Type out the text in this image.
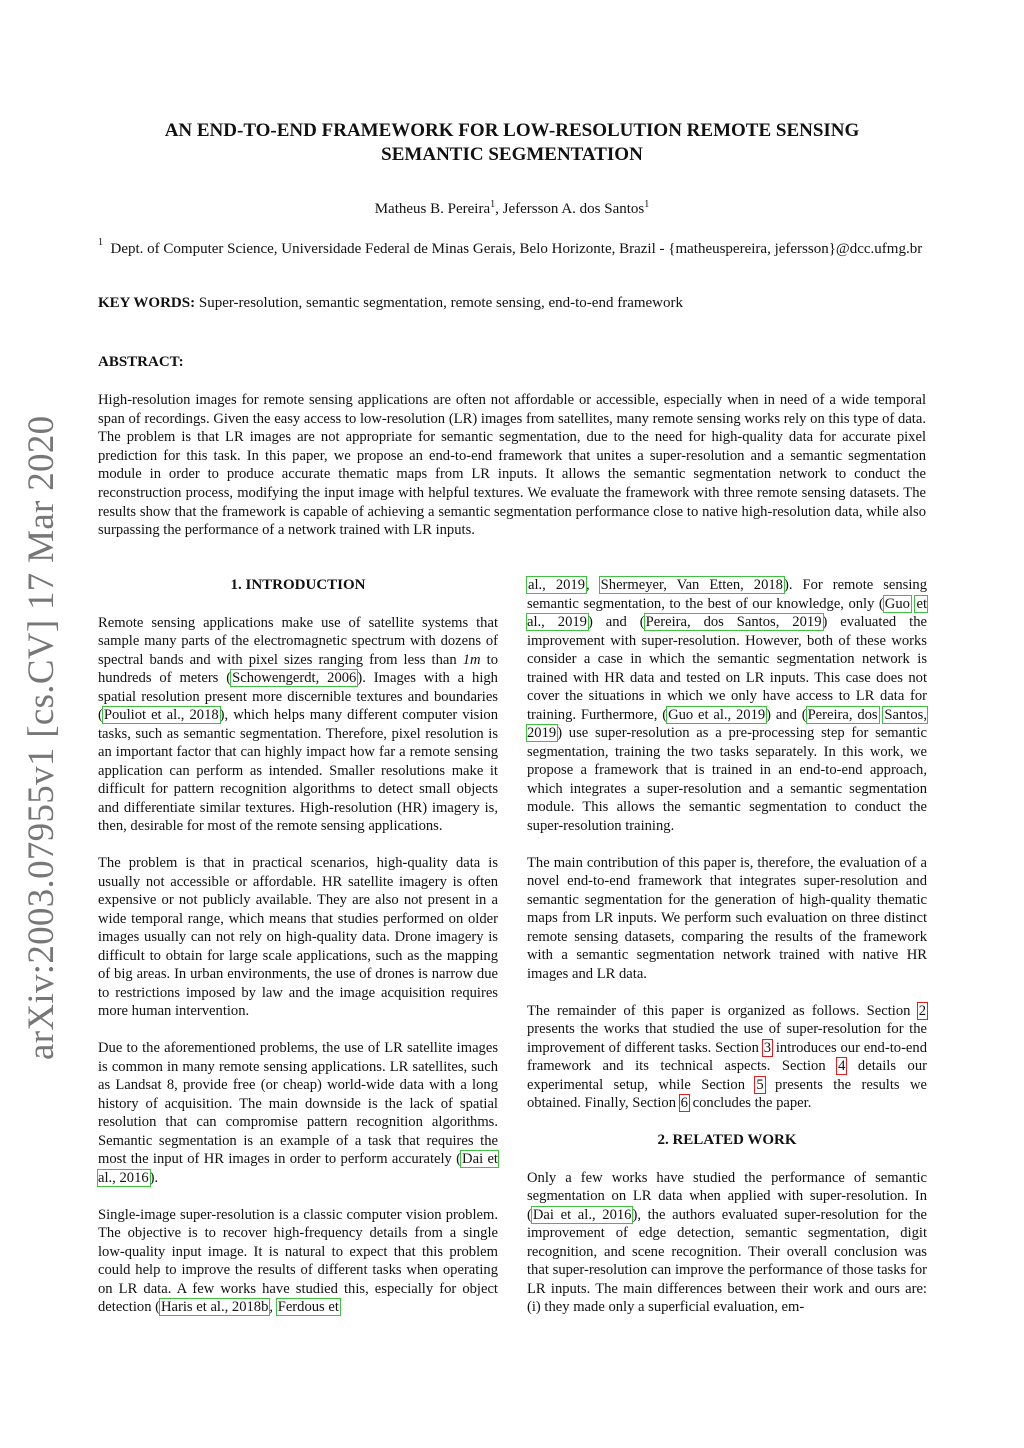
arXiv:2003.07955v1 [cs.CV] 17 Mar 2020
AN END-TO-END FRAMEWORK FOR LOW-RESOLUTION REMOTE SENSING
SEMANTIC SEGMENTATION
Matheus B. Pereira$^1$, Jefersson A. dos Santos$^1$
$^1$ Dept. of Computer Science, Universidade Federal de Minas Gerais, Belo Horizonte, Brazil - {matheuspereira, jefersson}@dcc.ufmg.br
KEY WORDS: Super-resolution, semantic segmentation, remote sensing, end-to-end framework
ABSTRACT:
High-resolution images for remote sensing applications are often not affordable or accessible, especially when in need of a wide temporal span of recordings. Given the easy access to low-resolution (LR) images from satellites, many remote sensing works rely on this type of data. The problem is that LR images are not appropriate for semantic segmentation, due to the need for high-quality data for accurate pixel prediction for this task. In this paper, we propose an end-to-end framework that unites a super-resolution and a semantic segmentation module in order to produce accurate thematic maps from LR inputs. It allows the semantic segmentation network to conduct the reconstruction process, modifying the input image with helpful textures. We evaluate the framework with three remote sensing datasets. The results show that the framework is capable of achieving a semantic segmentation performance close to native high-resolution data, while also surpassing the performance of a network trained with LR inputs.
1. INTRODUCTION

Remote sensing applications make use of satellite systems that sample many parts of the electromagnetic spectrum with dozens of spectral bands and with pixel sizes ranging from less than 1m to hundreds of meters (Schowengerdt, 2006). Images with a high spatial resolution present more discernible textures and boundaries (Pouliot et al., 2018), which helps many different computer vision tasks, such as semantic segmentation. Therefore, pixel resolution is an important factor that can highly impact how far a remote sensing application can perform as intended. Smaller resolutions make it difficult for pattern recognition algorithms to detect small objects and differentiate similar textures. High-resolution (HR) imagery is, then, desirable for most of the remote sensing applications.

The problem is that in practical scenarios, high-quality data is usually not accessible or affordable. HR satellite imagery is often expensive or not publicly available. They are also not present in a wide temporal range, which means that studies performed on older images usually can not rely on high-quality data. Drone imagery is difficult to obtain for large scale applications, such as the mapping of big areas. In urban environments, the use of drones is narrow due to restrictions imposed by law and the image acquisition requires more human intervention.

Due to the aforementioned problems, the use of LR satellite images is common in many remote sensing applications. LR satellites, such as Landsat 8, provide free (or cheap) world-wide data with a long history of acquisition. The main downside is the lack of spatial resolution that can compromise pattern recognition algorithms. Semantic segmentation is an example of a task that requires the most the input of HR images in order to perform accurately (Dai et al., 2016).

Single-image super-resolution is a classic computer vision problem. The objective is to recover high-frequency details from a single low-quality input image. It is natural to expect that this problem could help to improve the results of different tasks when operating on LR data. A few works have studied this, especially for object detection (Haris et al., 2018b, Ferdous et

al., 2019, Shermeyer, Van Etten, 2018). For remote sensing semantic segmentation, to the best of our knowledge, only (Guo et al., 2019) and (Pereira, dos Santos, 2019) evaluated the improvement with super-resolution. However, both of these works consider a case in which the semantic segmentation network is trained with HR data and tested on LR inputs. This case does not cover the situations in which we only have access to LR data for training. Furthermore, (Guo et al., 2019) and (Pereira, dos Santos, 2019) use super-resolution as a pre-processing step for semantic segmentation, training the two tasks separately. In this work, we propose a framework that is trained in an end-to-end approach, which integrates a super-resolution and a semantic segmentation module. This allows the semantic segmentation to conduct the super-resolution training.

The main contribution of this paper is, therefore, the evaluation of a novel end-to-end framework that integrates super-resolution and semantic segmentation for the generation of high-quality thematic maps from LR inputs. We perform such evaluation on three distinct remote sensing datasets, comparing the results of the framework with a semantic segmentation network trained with native HR images and LR data.

The remainder of this paper is organized as follows. Section 2 presents the works that studied the use of super-resolution for the improvement of different tasks. Section 3 introduces our end-to-end framework and its technical aspects. Section 4 details our experimental setup, while Section 5 presents the results we obtained. Finally, Section 6 concludes the paper.

2. RELATED WORK

Only a few works have studied the performance of semantic segmentation on LR data when applied with super-resolution. In (Dai et al., 2016), the authors evaluated super-resolution for the improvement of edge detection, semantic segmentation, digit recognition, and scene recognition. Their overall conclusion was that super-resolution can improve the performance of those tasks for LR inputs. The main differences between their work and ours are: (i) they made only a superficial evaluation, em-
